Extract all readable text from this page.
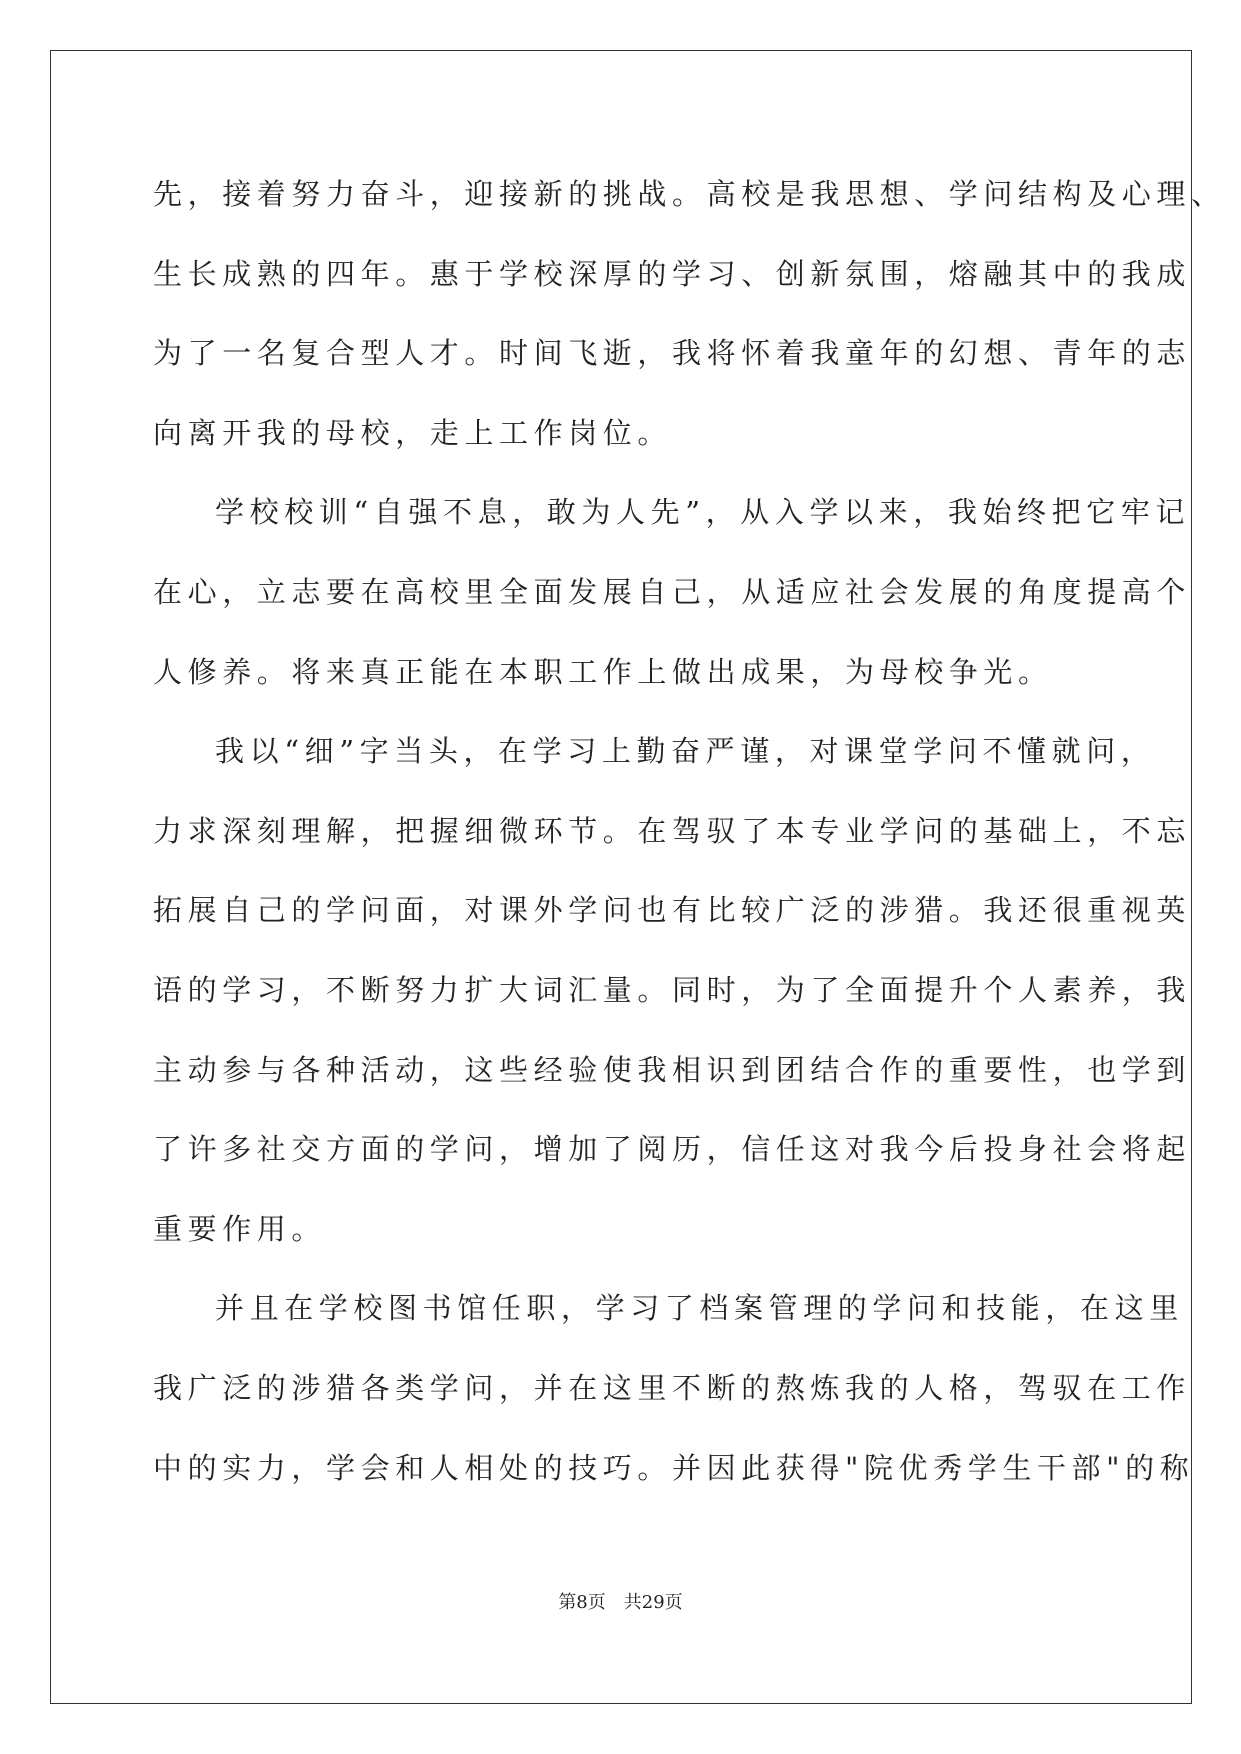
先，接着努力奋斗，迎接新的挑战。高校是我思想、学问结构及心理、
生长成熟的四年。惠于学校深厚的学习、创新氛围，熔融其中的我成
为了一名复合型人才。时间飞逝，我将怀着我童年的幻想、青年的志
向离开我的母校，走上工作岗位。
学校校训“自强不息，敢为人先”，从入学以来，我始终把它牢记
在心，立志要在高校里全面发展自己，从适应社会发展的角度提高个
人修养。将来真正能在本职工作上做出成果，为母校争光。
我以“细”字当头，在学习上勤奋严谨，对课堂学问不懂就问，
力求深刻理解，把握细微环节。在驾驭了本专业学问的基础上，不忘
拓展自己的学问面，对课外学问也有比较广泛的涉猎。我还很重视英
语的学习，不断努力扩大词汇量。同时，为了全面提升个人素养，我
主动参与各种活动，这些经验使我相识到团结合作的重要性，也学到
了许多社交方面的学问，增加了阅历，信任这对我今后投身社会将起
重要作用。
并且在学校图书馆任职，学习了档案管理的学问和技能，在这里
我广泛的涉猎各类学问，并在这里不断的熬炼我的人格，驾驭在工作
中的实力，学会和人相处的技巧。并因此获得"院优秀学生干部"的称
第8页 共29页
